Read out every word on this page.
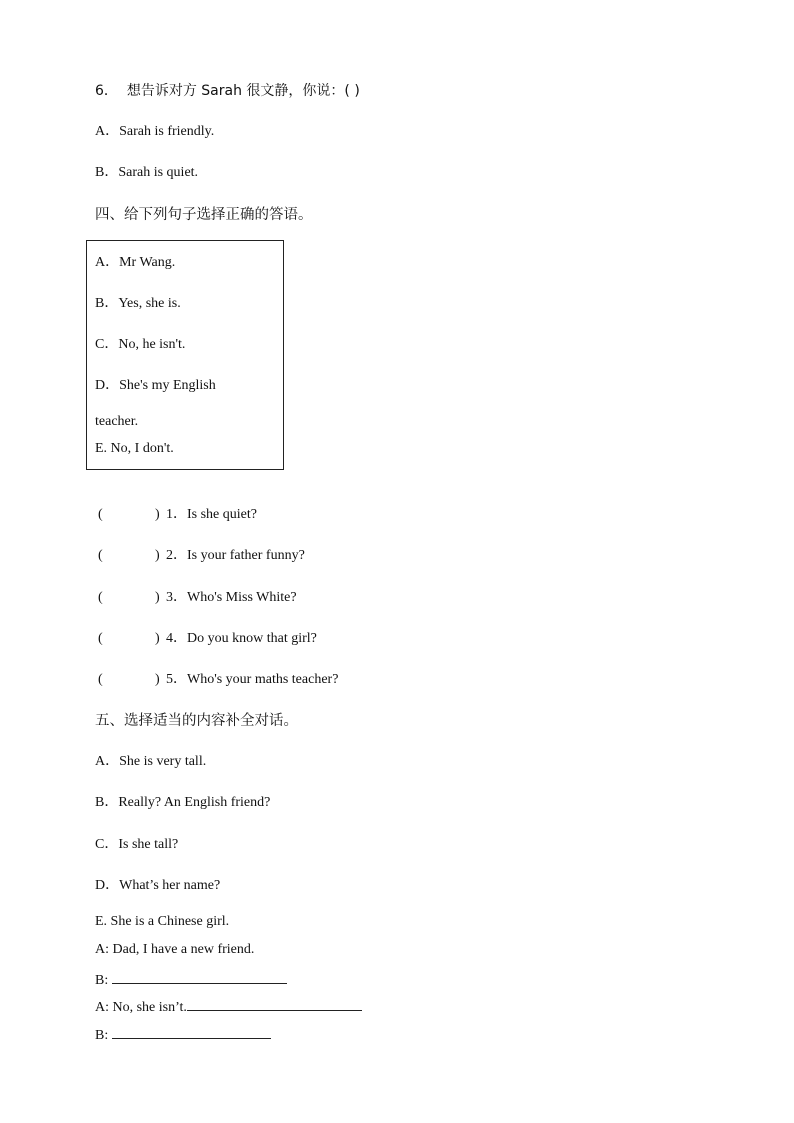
6． 想告诉对方 Sarah 很文静，你说：( )
A．Sarah is friendly.
B．Sarah is quiet.
四、给下列句子选择正确的答语。
A．Mr Wang.
B．Yes, she is.
C．No, he isn't.
D．She's my English
teacher.
E. No, I don't.
(	) 1．Is she quiet?
(	) 2．Is your father funny?
(	) 3．Who's Miss White?
(	) 4．Do you know that girl?
(	) 5．Who's your maths teacher?
五、选择适当的内容补全对话。
A．She is very tall.
B．Really? An English friend?
C．Is she tall?
D．What’s her name?
E. She is a Chinese girl.
A: Dad, I have a new friend.
B:
A: No, she isn’t.
B:
